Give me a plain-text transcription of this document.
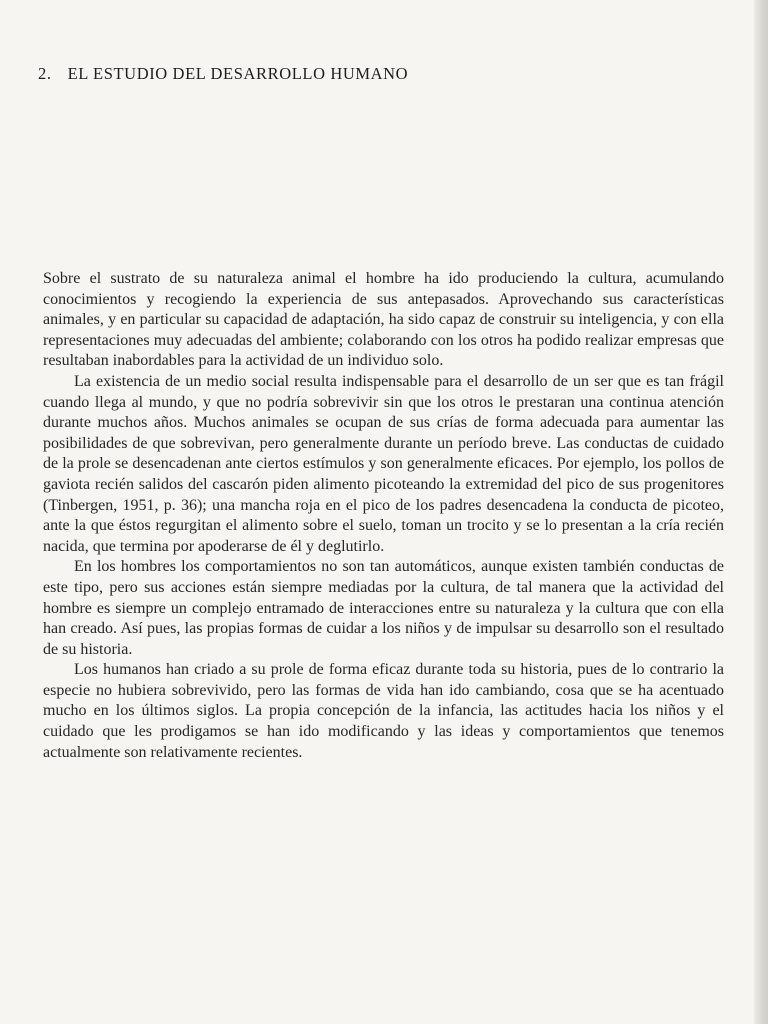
2. EL ESTUDIO DEL DESARROLLO HUMANO

Sobre el sustrato de su naturaleza animal el hombre ha ido produciendo la cultura, acumulando conocimientos y recogiendo la experiencia de sus antepasados. Aprovechando sus características animales, y en particular su capacidad de adaptación, ha sido capaz de construir su inteligencia, y con ella representaciones muy adecuadas del ambiente; colaborando con los otros ha podido realizar empresas que resultaban inabordables para la actividad de un individuo solo.

La existencia de un medio social resulta indispensable para el desarrollo de un ser que es tan frágil cuando llega al mundo, y que no podría sobrevivir sin que los otros le prestaran una continua atención durante muchos años. Muchos animales se ocupan de sus crías de forma adecuada para aumentar las posibilidades de que sobrevivan, pero generalmente durante un período breve. Las conductas de cuidado de la prole se desencadenan ante ciertos estímulos y son generalmente eficaces. Por ejemplo, los pollos de gaviota recién salidos del cascarón piden alimento picoteando la extremidad del pico de sus progenitores (Tinbergen, 1951, p. 36); una mancha roja en el pico de los padres desencadena la conducta de picoteo, ante la que éstos regurgitan el alimento sobre el suelo, toman un trocito y se lo presentan a la cría recién nacida, que termina por apoderarse de él y deglutirlo.

En los hombres los comportamientos no son tan automáticos, aunque existen también conductas de este tipo, pero sus acciones están siempre mediadas por la cultura, de tal manera que la actividad del hombre es siempre un complejo entramado de interacciones entre su naturaleza y la cultura que con ella han creado. Así pues, las propias formas de cuidar a los niños y de impulsar su desarrollo son el resultado de su historia.

Los humanos han criado a su prole de forma eficaz durante toda su historia, pues de lo contrario la especie no hubiera sobrevivido, pero las formas de vida han ido cambiando, cosa que se ha acentuado mucho en los últimos siglos. La propia concepción de la infancia, las actitudes hacia los niños y el cuidado que les prodigamos se han ido modificando y las ideas y comportamientos que tenemos actualmente son relativamente recientes.
